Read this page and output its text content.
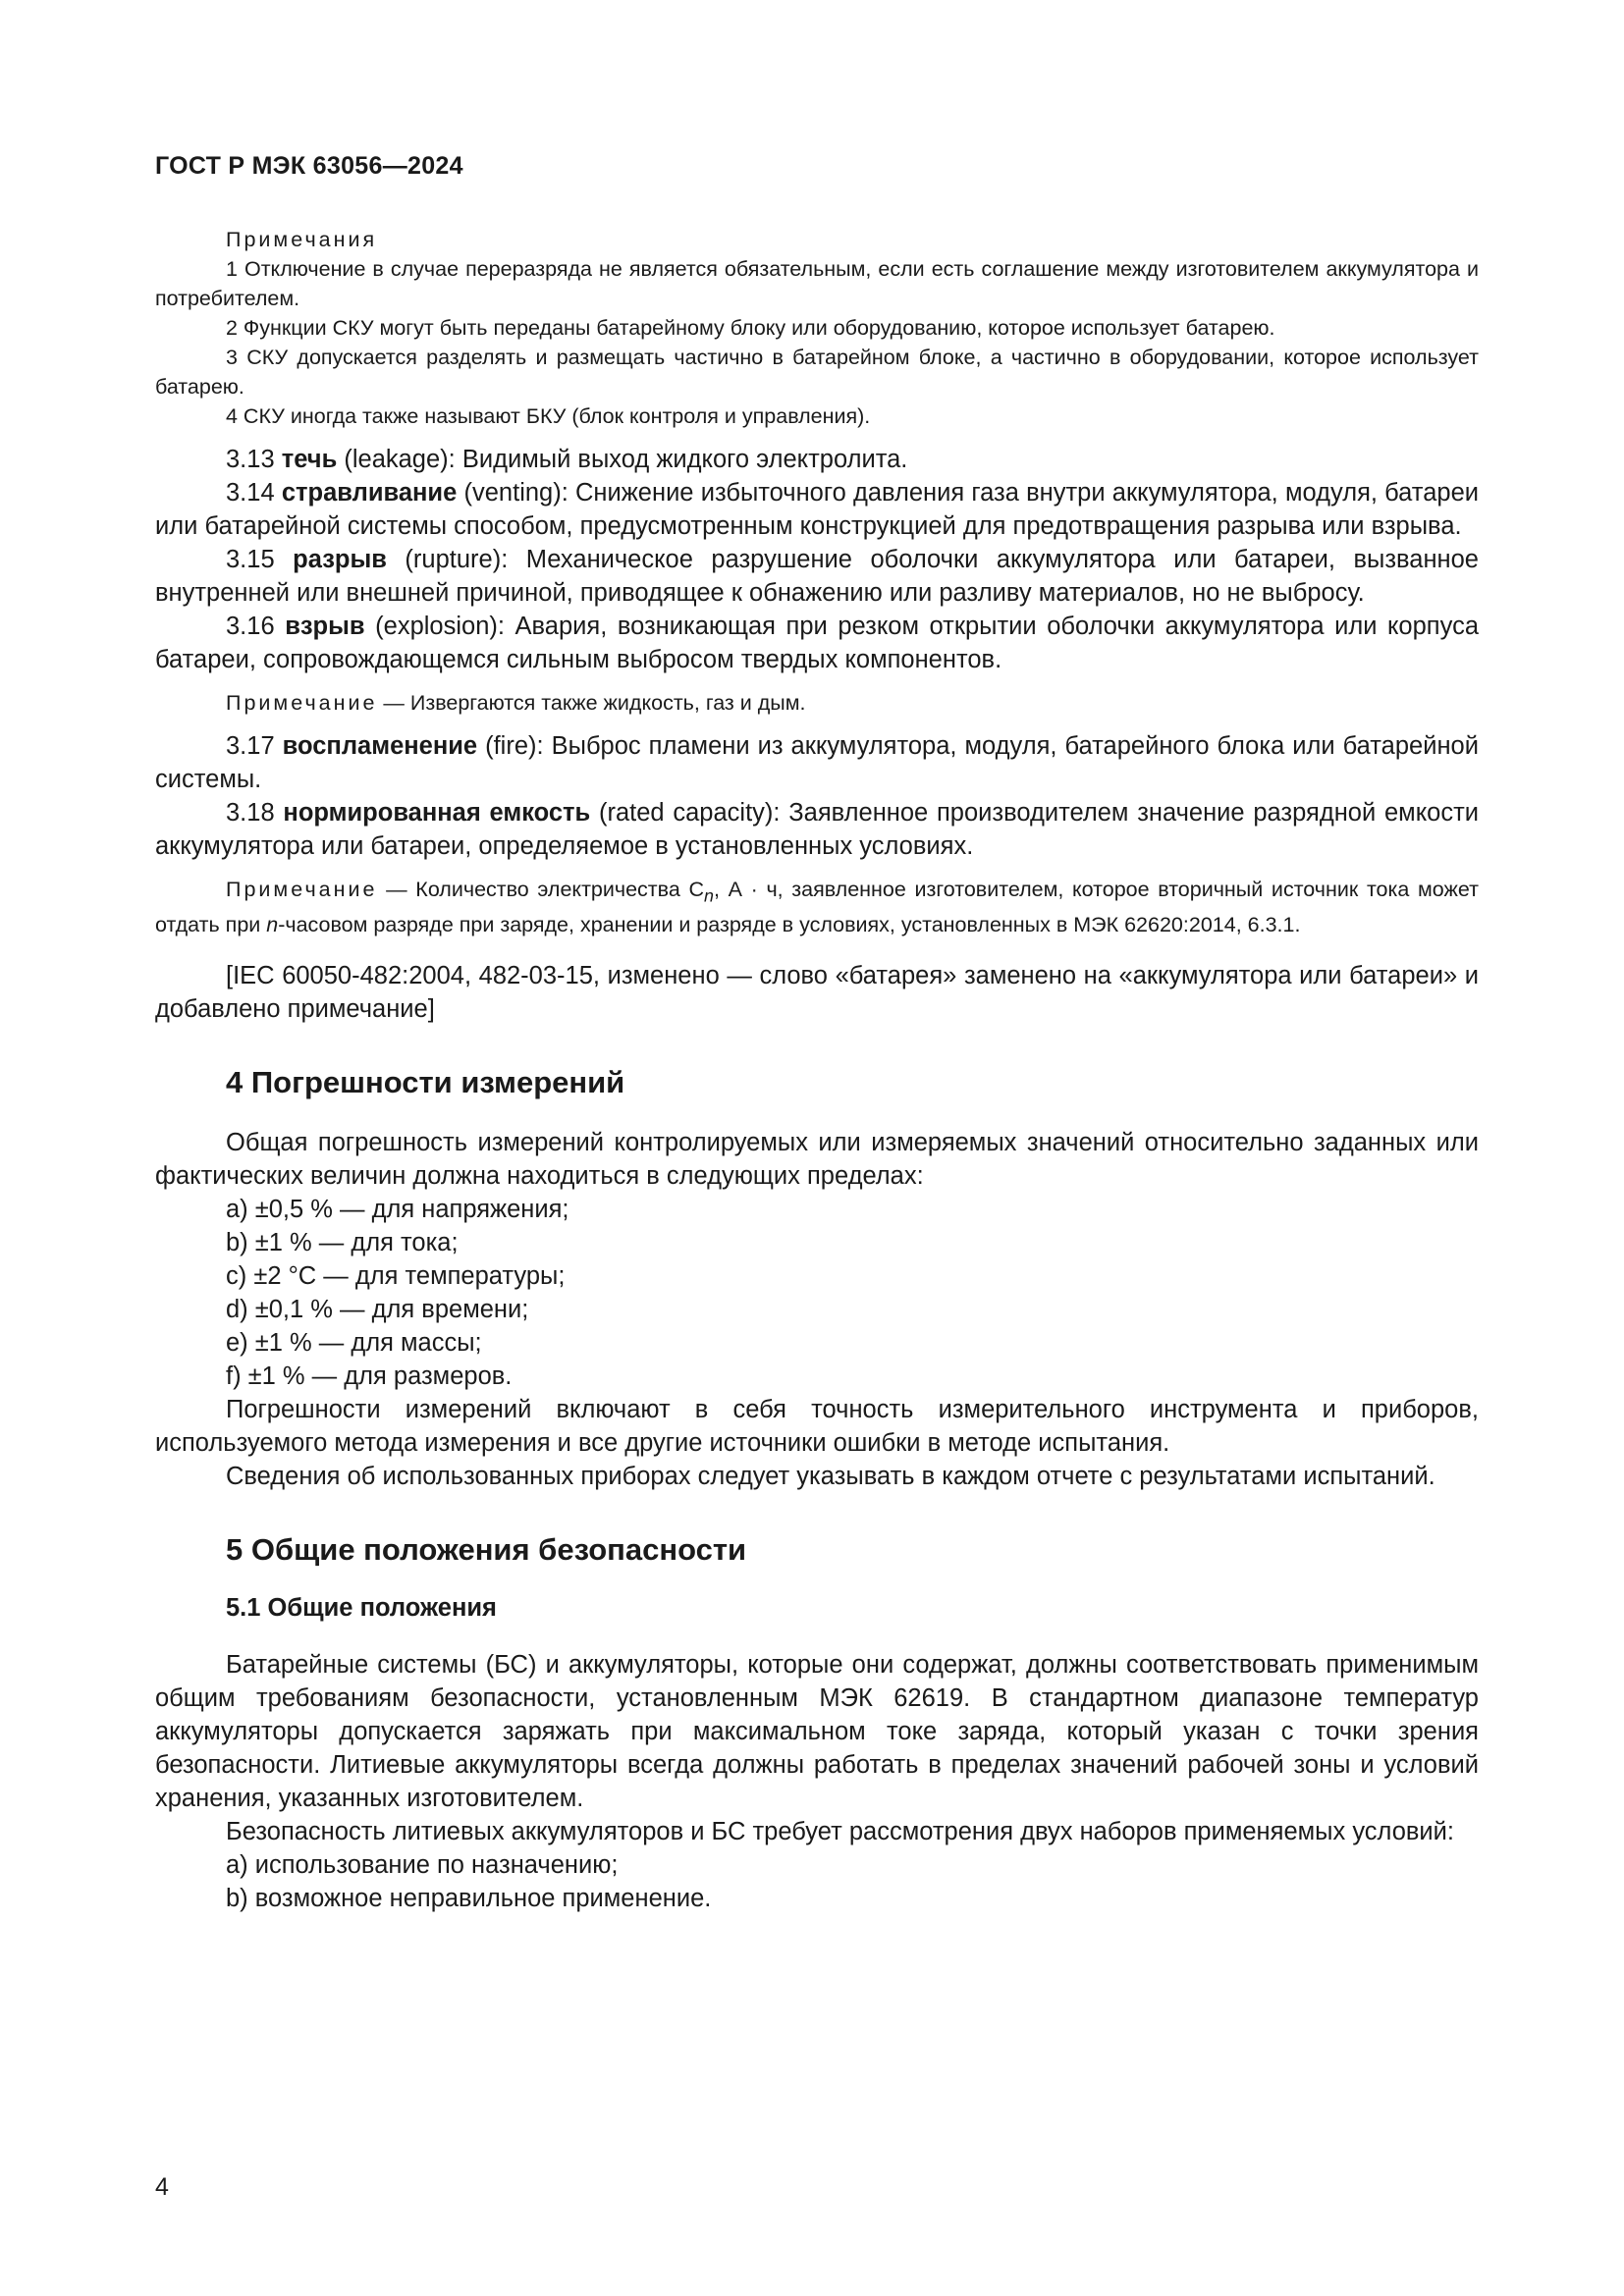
ГОСТ Р МЭК 63056—2024

Примечания

1 Отключение в случае переразряда не является обязательным, если есть соглашение между изготовителем аккумулятора и потребителем.

2 Функции СКУ могут быть переданы батарейному блоку или оборудованию, которое использует батарею.

3 СКУ допускается разделять и размещать частично в батарейном блоке, а частично в оборудовании, которое использует батарею.

4 СКУ иногда также называют БКУ (блок контроля и управления).

3.13 течь (leakage): Видимый выход жидкого электролита.

3.14 стравливание (venting): Снижение избыточного давления газа внутри аккумулятора, модуля, батареи или батарейной системы способом, предусмотренным конструкцией для предотвращения разрыва или взрыва.

3.15 разрыв (rupture): Механическое разрушение оболочки аккумулятора или батареи, вызванное внутренней или внешней причиной, приводящее к обнажению или разливу материалов, но не выбросу.

3.16 взрыв (explosion): Авария, возникающая при резком открытии оболочки аккумулятора или корпуса батареи, сопровождающемся сильным выбросом твердых компонентов.

Примечание — Извергаются также жидкость, газ и дым.

3.17 воспламенение (fire): Выброс пламени из аккумулятора, модуля, батарейного блока или батарейной системы.

3.18 нормированная емкость (rated capacity): Заявленное производителем значение разрядной емкости аккумулятора или батареи, определяемое в установленных условиях.

Примечание — Количество электричества $C_n$, А · ч, заявленное изготовителем, которое вторичный источник тока может отдать при n-часовом разряде при заряде, хранении и разряде в условиях, установленных в МЭК 62620:2014, 6.3.1.

[IEC 60050-482:2004, 482-03-15, изменено — слово «батарея» заменено на «аккумулятора или батареи» и добавлено примечание]

4 Погрешности измерений

Общая погрешность измерений контролируемых или измеряемых значений относительно заданных или фактических величин должна находиться в следующих пределах:

a) ±0,5 % — для напряжения;

b) ±1 % — для тока;

c) ±2 °C — для температуры;

d) ±0,1 % — для времени;

e) ±1 % — для массы;

f) ±1 % — для размеров.

Погрешности измерений включают в себя точность измерительного инструмента и приборов, используемого метода измерения и все другие источники ошибки в методе испытания.

Сведения об использованных приборах следует указывать в каждом отчете с результатами испытаний.

5 Общие положения безопасности
5.1 Общие положения

Батарейные системы (БС) и аккумуляторы, которые они содержат, должны соответствовать применимым общим требованиям безопасности, установленным МЭК 62619. В стандартном диапазоне температур аккумуляторы допускается заряжать при максимальном токе заряда, который указан с точки зрения безопасности. Литиевые аккумуляторы всегда должны работать в пределах значений рабочей зоны и условий хранения, указанных изготовителем.

Безопасность литиевых аккумуляторов и БС требует рассмотрения двух наборов применяемых условий:

a) использование по назначению;

b) возможное неправильное применение.

4
